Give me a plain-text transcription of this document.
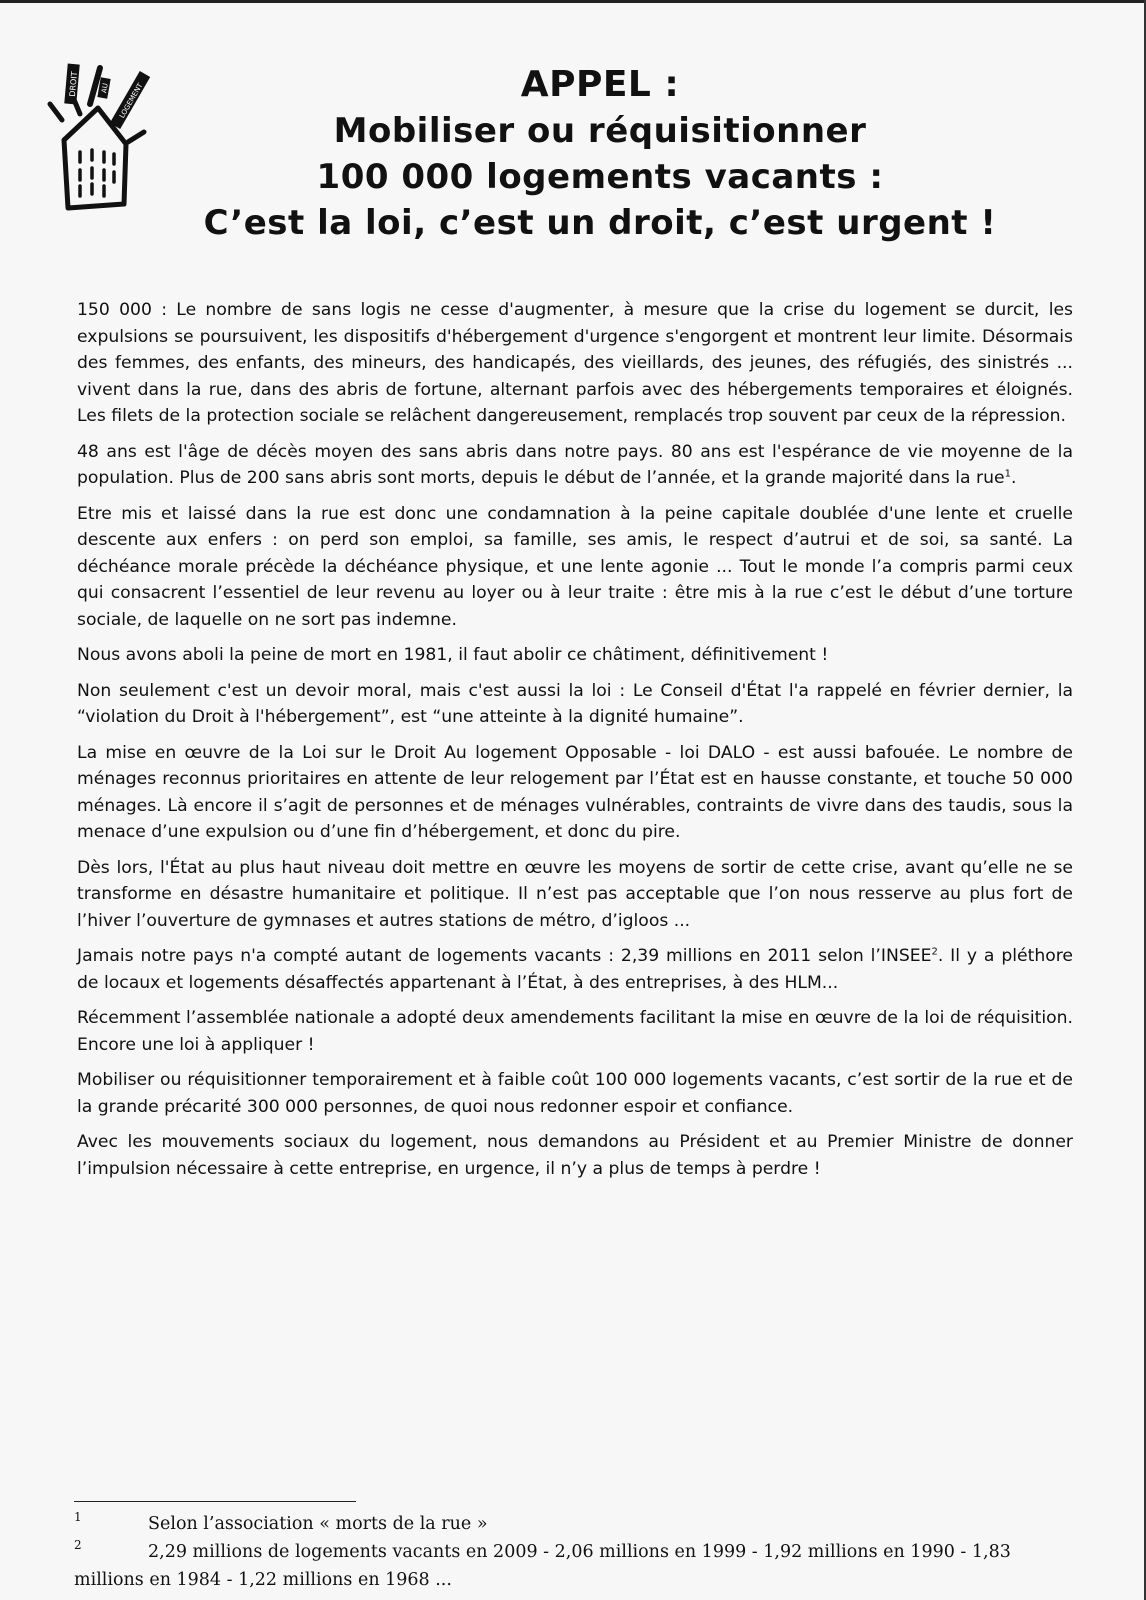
DROIT	AU LOGEMENT	APPEL :
Mobiliser ou réquisitionner
100 000 logements vacants :
C’est la loi, c’est un droit, c’est urgent !

150 000 : Le nombre de sans logis ne cesse d'augmenter, à mesure que la crise du logement se durcit, les expulsions se poursuivent, les dispositifs d'hébergement d'urgence s'engorgent et montrent leur limite. Désormais des femmes, des enfants, des mineurs, des handicapés, des vieillards, des jeunes, des réfugiés, des sinistrés ... vivent dans la rue, dans des abris de fortune, alternant parfois avec des hébergements temporaires et éloignés. Les filets de la protection sociale se relâchent dangereusement, remplacés trop souvent par ceux de la répression.

48 ans est l'âge de décès moyen des sans abris dans notre pays. 80 ans est l'espérance de vie moyenne de la population. Plus de 200 sans abris sont morts, depuis le début de l’année, et la grande majorité dans la rue$^1$.

Etre mis et laissé dans la rue est donc une condamnation à la peine capitale doublée d'une lente et cruelle descente aux enfers : on perd son emploi, sa famille, ses amis, le respect d’autrui et de soi, sa santé. La déchéance morale précède la déchéance physique, et une lente agonie ... Tout le monde l’a compris parmi ceux qui consacrent l’essentiel de leur revenu au loyer ou à leur traite : être mis à la rue c’est le début d’une torture sociale, de laquelle on ne sort pas indemne.

Nous avons aboli la peine de mort en 1981, il faut abolir ce châtiment, définitivement !

Non seulement c'est un devoir moral, mais c'est aussi la loi : Le Conseil d'État l'a rappelé en février dernier, la “violation du Droit à l'hébergement”, est “une atteinte à la dignité humaine”.

La mise en œuvre de la Loi sur le Droit Au logement Opposable - loi DALO - est aussi bafouée. Le nombre de ménages reconnus prioritaires en attente de leur relogement par l’État est en hausse constante, et touche 50 000 ménages. Là encore il s’agit de personnes et de ménages vulnérables, contraints de vivre dans des taudis, sous la menace d’une expulsion ou d’une fin d’hébergement, et donc du pire.

Dès lors, l'État au plus haut niveau doit mettre en œuvre les moyens de sortir de cette crise, avant qu’elle ne se transforme en désastre humanitaire et politique. Il n’est pas acceptable que l’on nous resserve au plus fort de l’hiver l’ouverture de gymnases et autres stations de métro, d’igloos ...

Jamais notre pays n'a compté autant de logements vacants : 2,39 millions en 2011 selon l’INSEE$^2$. Il y a pléthore de locaux et logements désaffectés appartenant à l’État, à des entreprises, à des HLM...

Récemment l’assemblée nationale a adopté deux amendements facilitant la mise en œuvre de la loi de réquisition. Encore une loi à appliquer !

Mobiliser ou réquisitionner temporairement et à faible coût 100 000 logements vacants, c’est sortir de la rue et de la grande précarité 300 000 personnes, de quoi nous redonner espoir et confiance.

Avec les mouvements sociaux du logement, nous demandons au Président et au Premier Ministre de donner l’impulsion nécessaire à cette entreprise, en urgence, il n’y a plus de temps à perdre !

1	Selon l’association « morts de la rue »
2	2,29 millions de logements vacants en 2009 - 2,06 millions en 1999 - 1,92 millions en 1990 - 1,83 millions en 1984 - 1,22 millions en 1968 ...
